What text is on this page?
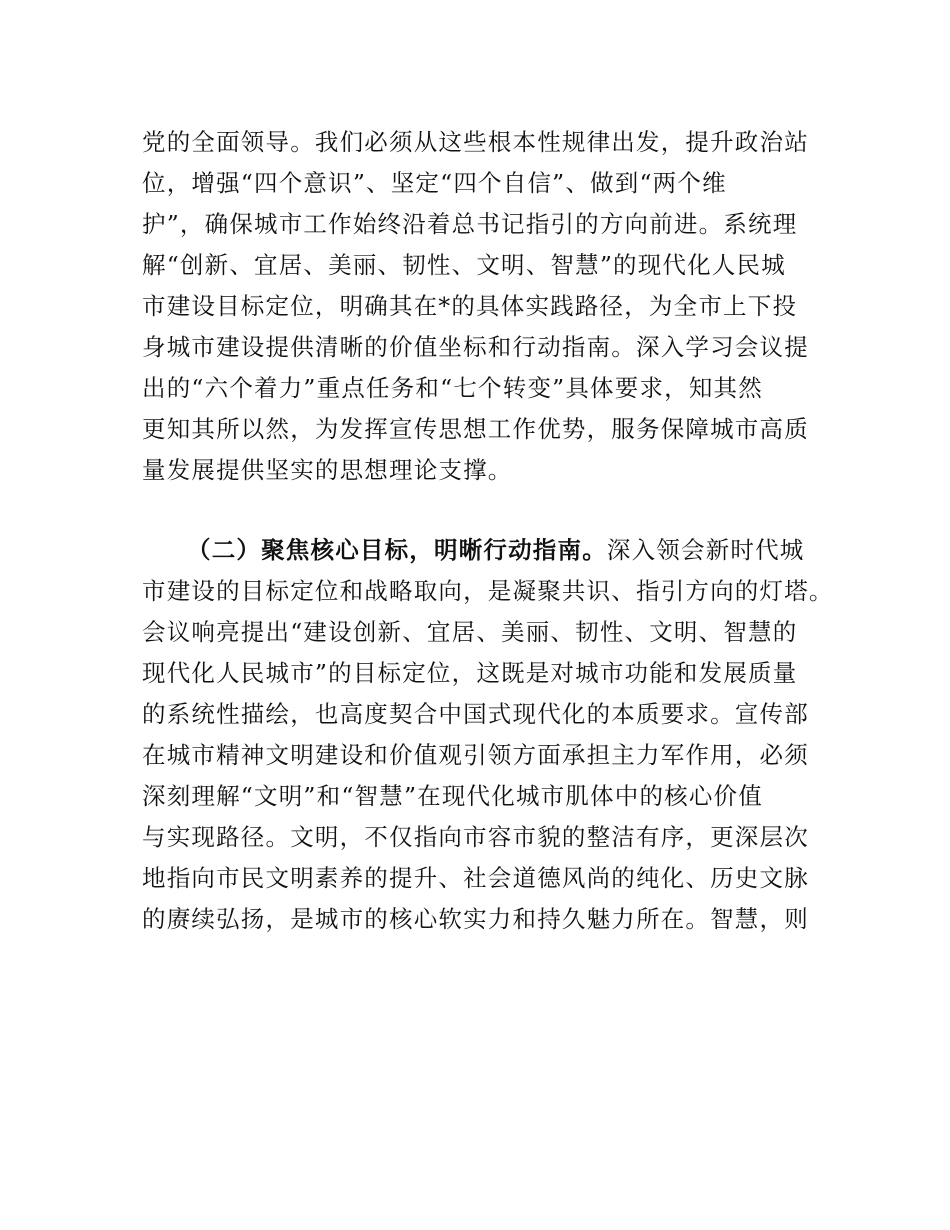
党的全面领导。我们必须从这些根本性规律出发，提升政治站
位，增强“四个意识”、坚定“四个自信”、做到“两个维
护”，确保城市工作始终沿着总书记指引的方向前进。系统理
解“创新、宜居、美丽、韧性、文明、智慧”的现代化人民城
市建设目标定位，明确其在*的具体实践路径，为全市上下投
身城市建设提供清晰的价值坐标和行动指南。深入学习会议提
出的“六个着力”重点任务和“七个转变”具体要求，知其然
更知其所以然，为发挥宣传思想工作优势，服务保障城市高质
量发展提供坚实的思想理论支撑。
（二）聚焦核心目标，明晰行动指南。深入领会新时代城
市建设的目标定位和战略取向，是凝聚共识、指引方向的灯塔。
会议响亮提出“建设创新、宜居、美丽、韧性、文明、智慧的
现代化人民城市”的目标定位，这既是对城市功能和发展质量
的系统性描绘，也高度契合中国式现代化的本质要求。宣传部
在城市精神文明建设和价值观引领方面承担主力军作用，必须
深刻理解“文明”和“智慧”在现代化城市肌体中的核心价值
与实现路径。文明，不仅指向市容市貌的整洁有序，更深层次
地指向市民文明素养的提升、社会道德风尚的纯化、历史文脉
的赓续弘扬，是城市的核心软实力和持久魅力所在。智慧，则
